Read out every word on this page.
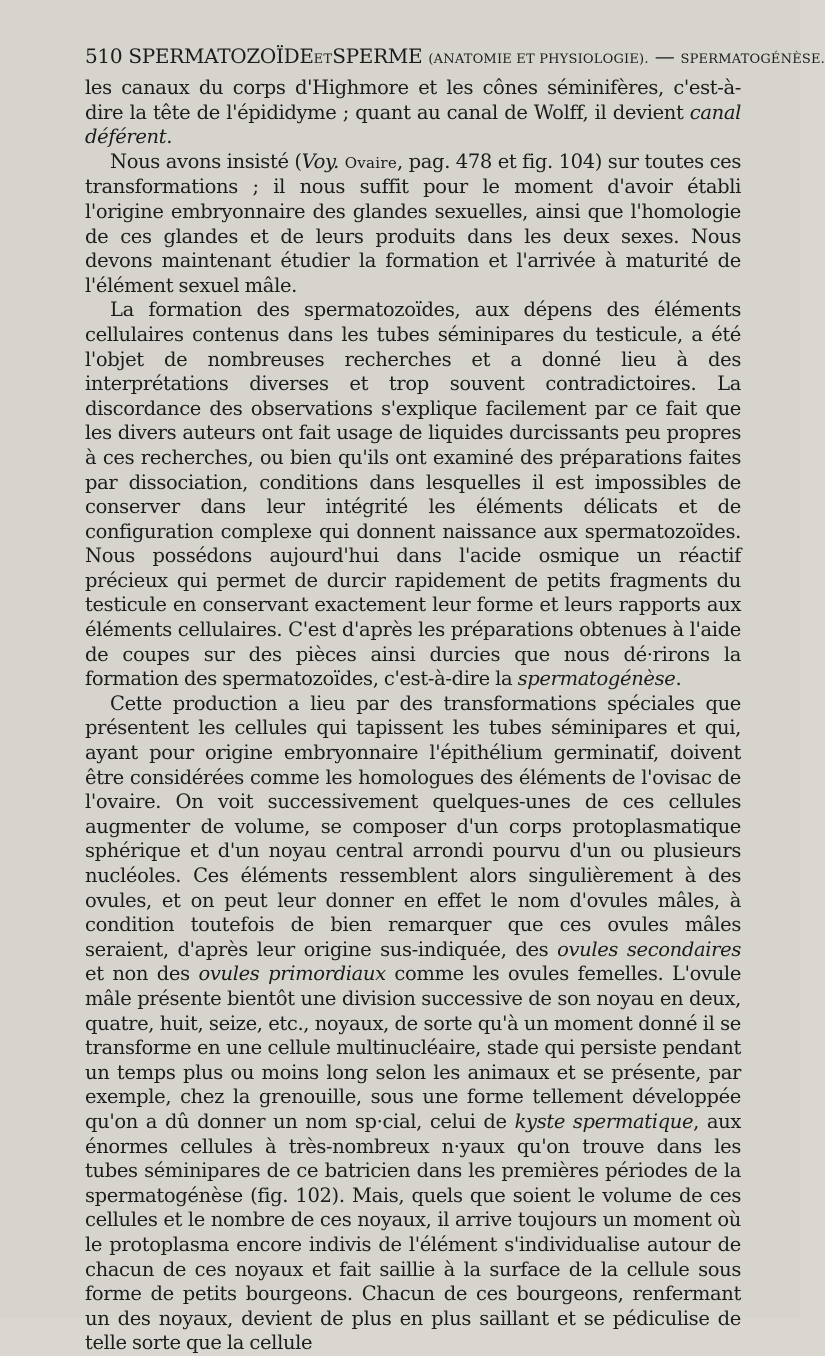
510 SPERMATOZOÏDEETSPERME (ANATOMIE ET PHYSIOLOGIE). — SPERMATOGÉNÈSE.

les canaux du corps d'Highmore et les cônes séminifères, c'est-à-dire la tête de l'épididyme ; quant au canal de Wolff, il devient canal déférent.

Nous avons insisté (Voy. Ovaire, pag. 478 et fig. 104) sur toutes ces transformations ; il nous suffit pour le moment d'avoir établi l'origine embryonnaire des glandes sexuelles, ainsi que l'homologie de ces glandes et de leurs produits dans les deux sexes. Nous devons maintenant étudier la formation et l'arrivée à maturité de l'élément sexuel mâle.

La formation des spermatozoïdes, aux dépens des éléments cellulaires contenus dans les tubes séminipares du testicule, a été l'objet de nombreuses recherches et a donné lieu à des interprétations diverses et trop souvent contradictoires. La discordance des observations s'explique facilement par ce fait que les divers auteurs ont fait usage de liquides durcissants peu propres à ces recherches, ou bien qu'ils ont examiné des préparations faites par dissociation, conditions dans lesquelles il est impossibles de conserver dans leur intégrité les éléments délicats et de configuration complexe qui donnent naissance aux spermatozoïdes. Nous possédons aujourd'hui dans l'acide osmique un réactif précieux qui permet de durcir rapidement de petits fragments du testicule en conservant exactement leur forme et leurs rapports aux éléments cellulaires. C'est d'après les préparations obtenues à l'aide de coupes sur des pièces ainsi durcies que nous dé·rirons la formation des spermatozoïdes, c'est-à-dire la spermatogénèse.

Cette production a lieu par des transformations spéciales que présentent les cellules qui tapissent les tubes séminipares et qui, ayant pour origine embryonnaire l'épithélium germinatif, doivent être considérées comme les homologues des éléments de l'ovisac de l'ovaire. On voit successivement quelques-unes de ces cellules augmenter de volume, se composer d'un corps protoplasmatique sphérique et d'un noyau central arrondi pourvu d'un ou plusieurs nucléoles. Ces éléments ressemblent alors singulièrement à des ovules, et on peut leur donner en effet le nom d'ovules mâles, à condition toutefois de bien remarquer que ces ovules mâles seraient, d'après leur origine sus-indiquée, des ovules secondaires et non des ovules primordiaux comme les ovules femelles. L'ovule mâle présente bientôt une division successive de son noyau en deux, quatre, huit, seize, etc., noyaux, de sorte qu'à un moment donné il se transforme en une cellule multinucléaire, stade qui persiste pendant un temps plus ou moins long selon les animaux et se présente, par exemple, chez la grenouille, sous une forme tellement développée qu'on a dû donner un nom sp·cial, celui de kyste spermatique, aux énormes cellules à très-nombreux n·yaux qu'on trouve dans les tubes séminipares de ce batricien dans les premières périodes de la spermatogénèse (fig. 102). Mais, quels que soient le volume de ces cellules et le nombre de ces noyaux, il arrive toujours un moment où le protoplasma encore indivis de l'élément s'individualise autour de chacun de ces noyaux et fait saillie à la surface de la cellule sous forme de petits bourgeons. Chacun de ces bourgeons, renfermant un des noyaux, devient de plus en plus saillant et se pédiculise de telle sorte que la cellule
